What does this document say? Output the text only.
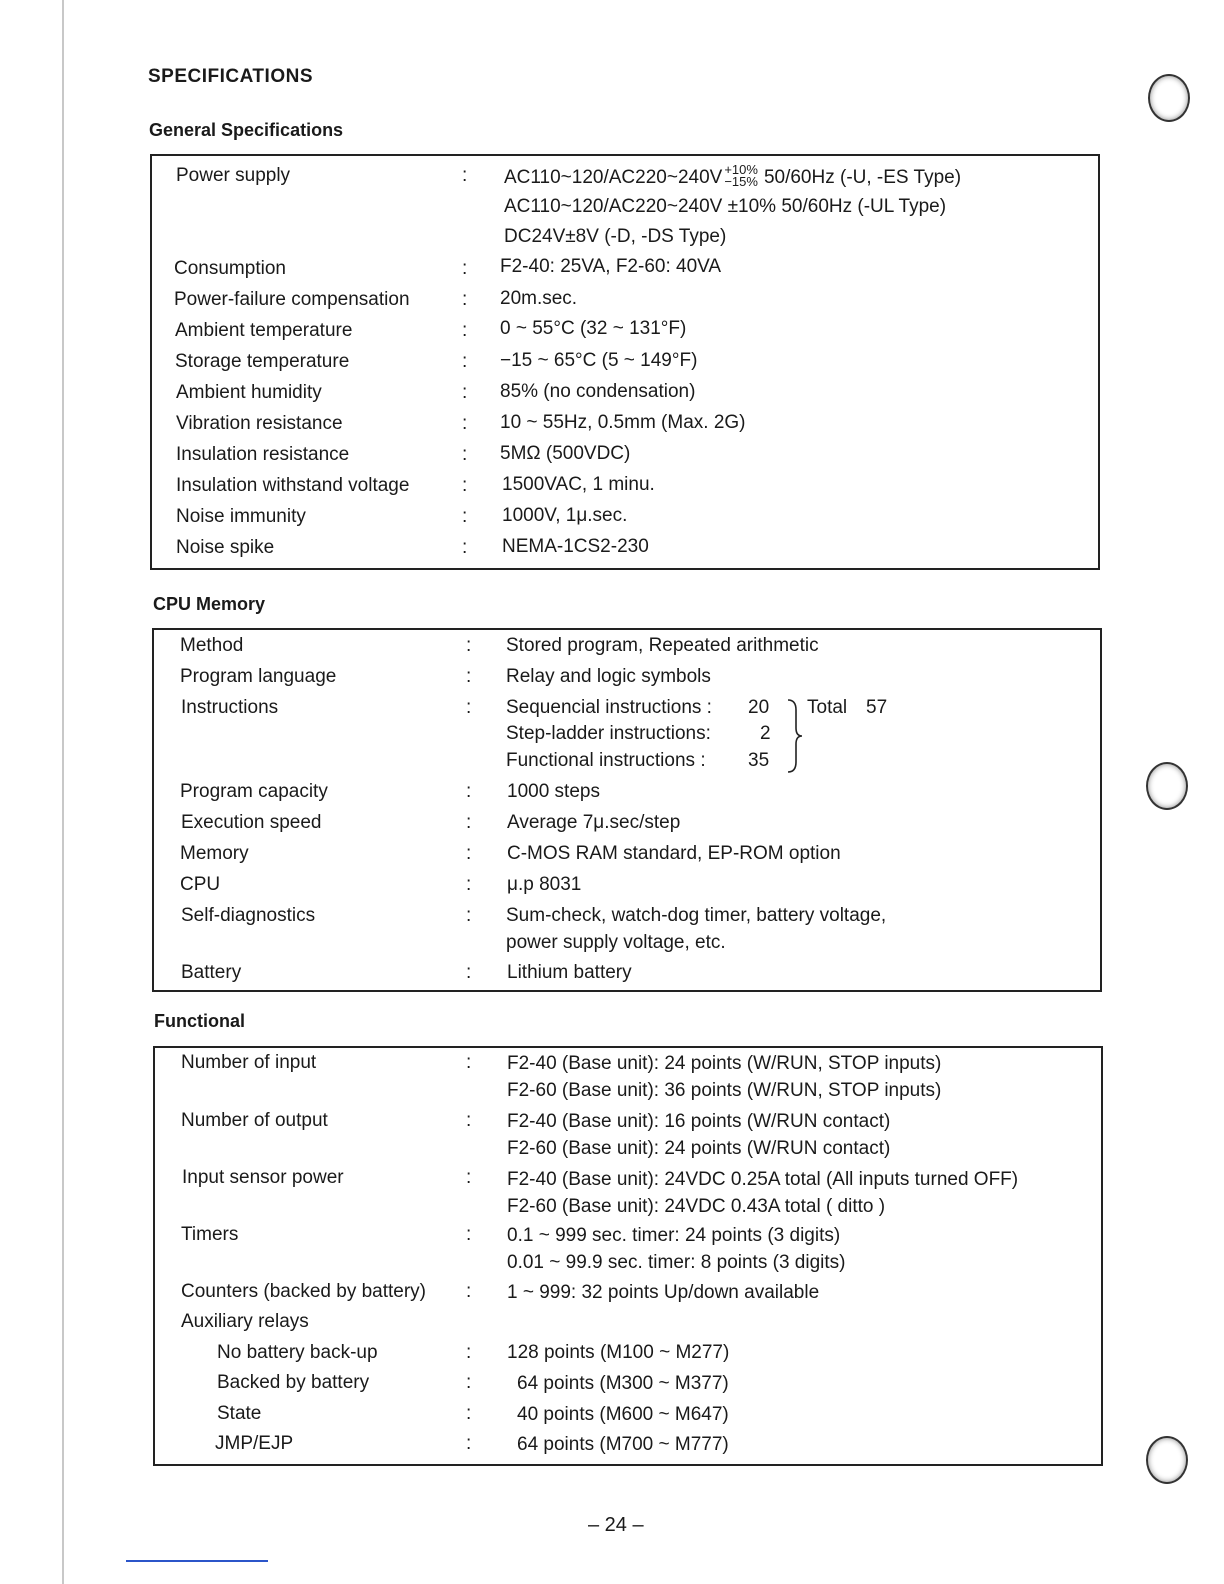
SPECIFICATIONS
General Specifications
Power supply	: AC110~120/AC220~240V +10%
−15% 50/60Hz (-U, -ES Type)
AC110~120/AC220~240V ±10% 50/60Hz (-UL Type)
DC24V±8V (-D, -DS Type)
Consumption	: F2-40: 25VA, F2-60: 40VA
Power-failure compensation	: 20m.sec.
Ambient temperature	: 0 ~ 55°C (32 ~ 131°F)
Storage temperature	: −15 ~ 65°C (5 ~ 149°F)
Ambient humidity	: 85% (no condensation)
Vibration resistance	: 10 ~ 55Hz, 0.5mm (Max. 2G)
Insulation resistance	: 5MΩ (500VDC)
Insulation withstand voltage	: 1500VAC, 1 minu.
Noise immunity	: 1000V, 1μ.sec.
Noise spike	: NEMA-1CS2-230
CPU Memory
Method	: Stored program, Repeated arithmetic
Program language	: Relay and logic symbols
Instructions	: Sequencial instructions : 20
Step-ladder instructions:	2
Functional instructions : 35
Total 57
Program capacity	: 1000 steps
Execution speed	: Average 7μ.sec/step
Memory	: C-MOS RAM standard, EP-ROM option
CPU	: μ.p 8031
Self-diagnostics	: Sum-check, watch-dog timer, battery voltage,
power supply voltage, etc.
Battery	: Lithium battery
Functional
Number of input	: F2-40 (Base unit): 24 points (W/RUN, STOP inputs)
F2-60 (Base unit): 36 points (W/RUN, STOP inputs)
Number of output	: F2-40 (Base unit): 16 points (W/RUN contact)
F2-60 (Base unit): 24 points (W/RUN contact)
Input sensor power	: F2-40 (Base unit): 24VDC 0.25A total (All inputs turned OFF)
F2-60 (Base unit): 24VDC 0.43A total ( ditto )
Timers	: 0.1 ~ 999 sec. timer: 24 points (3 digits)
0.01 ~ 99.9 sec. timer: 8 points (3 digits)
Counters (backed by battery) : 1 ~ 999: 32 points Up/down available
Auxiliary relays
No battery back-up	: 128 points (M100 ~ M277)
Backed by battery	: 64 points (M300 ~ M377)
State	: 40 points (M600 ~ M647)
JMP/EJP	: 64 points (M700 ~ M777)
– 24 –
